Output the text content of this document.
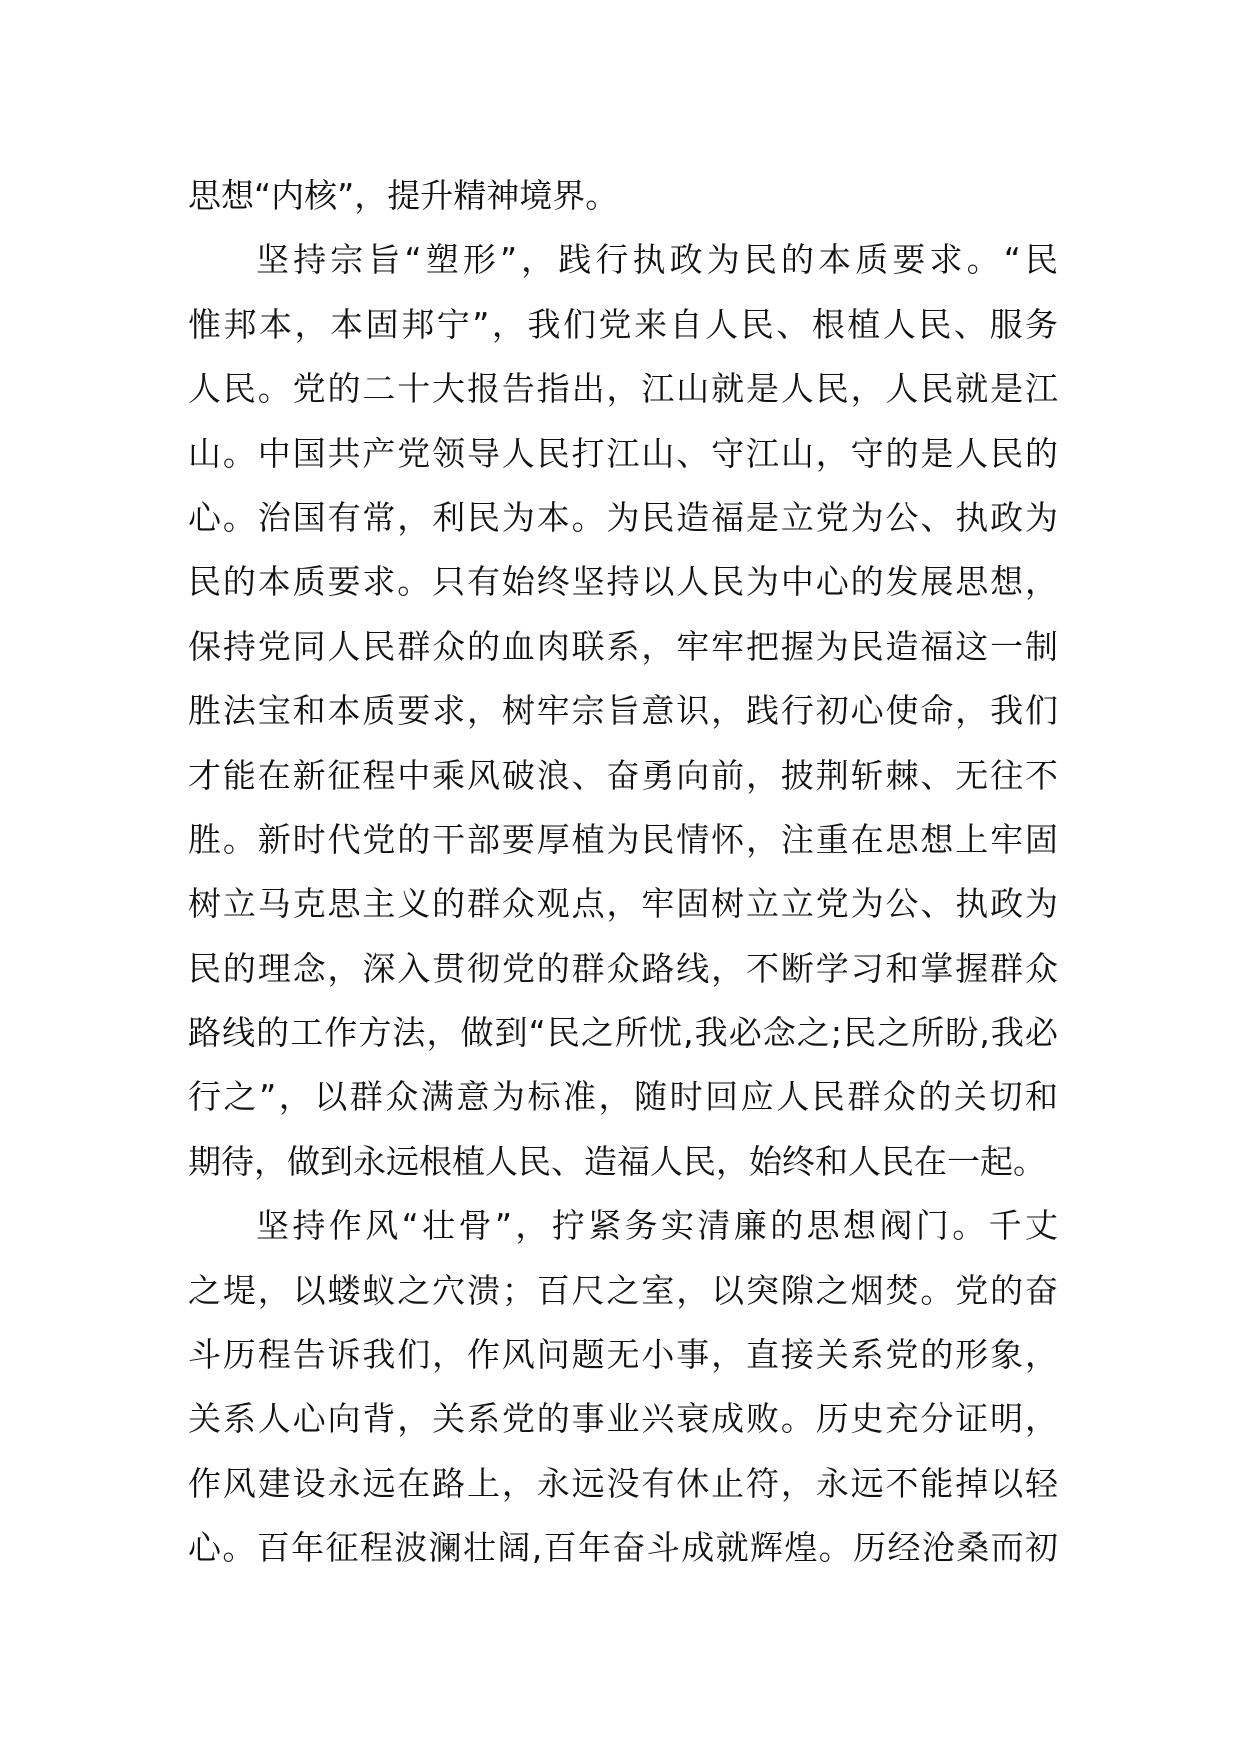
思想“内核”，提升精神境界。
坚持宗旨“塑形”，践行执政为民的本质要求。“民
惟邦本，本固邦宁”，我们党来自人民、根植人民、服务
人民。党的二十大报告指出，江山就是人民，人民就是江
山。中国共产党领导人民打江山、守江山，守的是人民的
心。治国有常，利民为本。为民造福是立党为公、执政为
民的本质要求。只有始终坚持以人民为中心的发展思想，
保持党同人民群众的血肉联系，牢牢把握为民造福这一制
胜法宝和本质要求，树牢宗旨意识，践行初心使命，我们
才能在新征程中乘风破浪、奋勇向前，披荆斩棘、无往不
胜。新时代党的干部要厚植为民情怀，注重在思想上牢固
树立马克思主义的群众观点，牢固树立立党为公、执政为
民的理念，深入贯彻党的群众路线，不断学习和掌握群众
路线的工作方法，做到“民之所忧,我必念之;民之所盼,我必
行之”，以群众满意为标准，随时回应人民群众的关切和
期待，做到永远根植人民、造福人民，始终和人民在一起。
坚持作风“壮骨”，拧紧务实清廉的思想阀门。千丈
之堤，以蝼蚁之穴溃；百尺之室，以突隙之烟焚。党的奋
斗历程告诉我们，作风问题无小事，直接关系党的形象，
关系人心向背，关系党的事业兴衰成败。历史充分证明，
作风建设永远在路上，永远没有休止符，永远不能掉以轻
心。百年征程波澜壮阔,百年奋斗成就辉煌。历经沧桑而初
